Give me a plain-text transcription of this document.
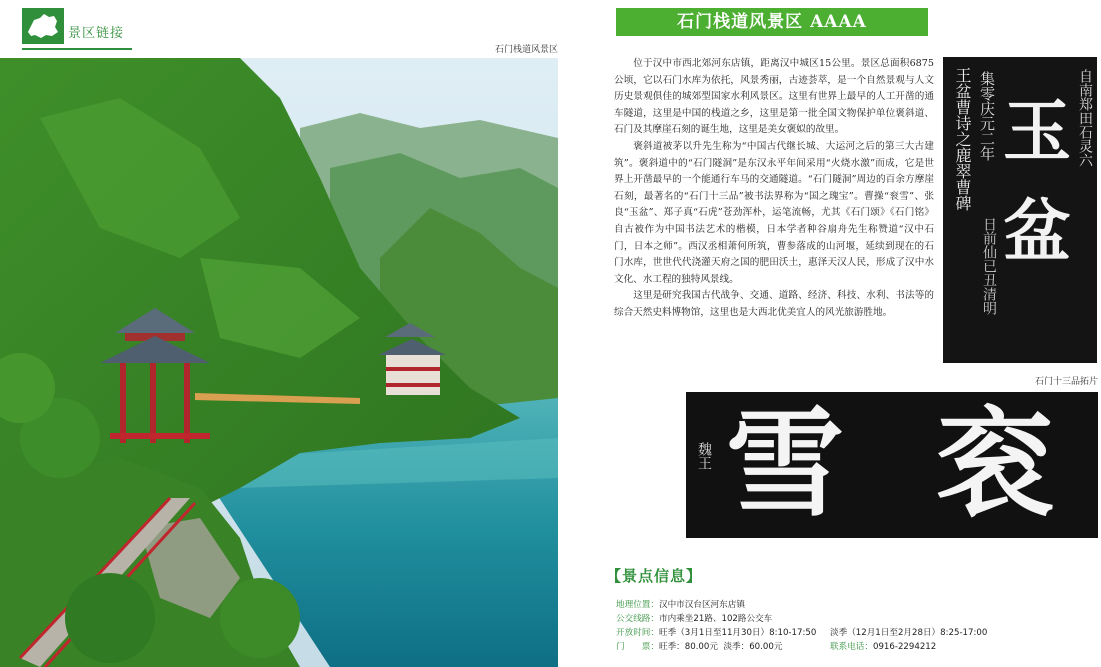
景区链接
石门栈道风景区
石门栈道风景区 AAAA

位于汉中市西北郊河东店镇，距离汉中城区15公里。景区总面积6875公顷，它以石门水库为依托，风景秀丽，古迹荟萃，是一个自然景观与人文历史景观俱佳的城郊型国家水利风景区。这里有世界上最早的人工开凿的通车隧道，这里是中国的栈道之乡，这里是第一批全国文物保护单位褒斜道、石门及其摩崖石刻的诞生地，这里是美女褒姒的故里。

褒斜道被茅以升先生称为“中国古代继长城、大运河之后的第三大古建筑”。褒斜道中的“石门隧洞”是东汉永平年间采用“火烧水激”而成，它是世界上开凿最早的一个能通行车马的交通隧道。“石门隧洞”周边的百余方摩崖石刻，最著名的“石门十三品”被书法界称为“国之瑰宝”。曹操“衮雪”、张良“玉盆”、郑子真“石虎”苍劲浑朴，运笔流畅，尤其《石门颂》《石门铭》自古被作为中国书法艺术的楷模，日本学者种谷扇舟先生称赞道“汉中石门，日本之师”。西汉丞相萧何所筑，曹参落成的山河堰，延续到现在的石门水库，世世代代浇灌天府之国的肥田沃土，惠泽天汉人民，形成了汉中水文化、水工程的独特风景线。

这里是研究我国古代战争、交通、道路、经济、科技、水利、书法等的综合天然史料博物馆，这里也是大西北优美宜人的风光旅游胜地。

王盆曹诗之鹿翠曹碑 集零庆元二年 玉
盆
自南郑田石灵六
日前仙已丑清明
石门十三品拓片
魏王 雪 衮
【景点信息】
地理位置：汉中市汉台区河东店镇
公交线路：市内乘坐21路、102路公交车
开放时间：旺季（3月1日至11月30日）8:10-17:50 淡季（12月1日至2月28日）8:25-17:00
门　　票：旺季：80.00元 淡季：60.00元	联系电话：0916-2294212
